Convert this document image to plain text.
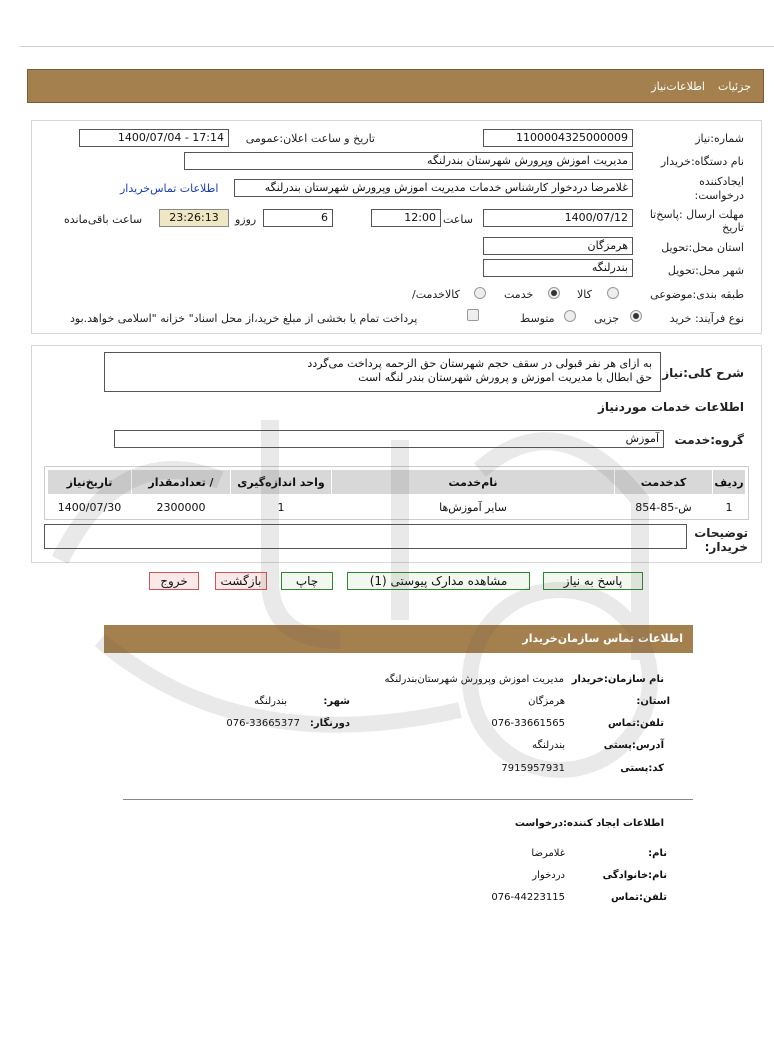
جزئیات
اطلاعات‌نیاز
شماره:نیاز
1100004325000009
تاریخ و ساعت اعلان:عمومی
1400/07/04 - 17:14
نام دستگاه:خریدار
مدیریت اموزش وپرورش شهرستان بندرلنگه
ایجادکننده
:درخواست
غلامرضا دردخوار کارشناس خدمات مدیریت اموزش وپرورش شهرستان بندرلنگه
اطلاعات تماس‌خریدار
مهلت ارسال :پاسخ‌تا
تاریخ
1400/07/12
ساعت
12:00
6
روزو
23:26:13
ساعت باقی‌مانده
استان محل:تحویل
هرمزگان
شهر محل:تحویل
بندرلنگه
طبقه بندی:موضوعی
کالا
خدمت
/کالاخدمت
نوع فرآیند: خرید
جزیی
متوسط
پرداخت تمام یا بخشی از مبلغ خرید،از محل اسناد" خزانه "اسلامی خواهد.بود
شرح کلی:نیاز
به ازای هر نفر قبولی در سقف حجم شهرستان حق الزحمه پرداخت می‌گردد
حق ابطال با مدیریت اموزش و پرورش شهرستان بندر لنگه است
اطلاعات خدمات موردنیاز
گروه:خدمت
آموزش
ردیف	کدخدمت	نام‌خدمت	واحد اندازه‌گیری	/ تعدادمقدار	تاریخ‌نیاز
1	ش-85-854	سایر آموزش‌ها	1	2300000	1400/07/30
توضیحات
:خریدار
پاسخ به نیاز
مشاهده مدارک پیوستی (1)
چاپ
بازگشت
خروج
اطلاعات تماس سازمان‌خریدار
نام سازمان:خریدار
مدیریت اموزش وپرورش شهرستان‌بندرلنگه
:استان
هرمزگان
:شهر
بندرلنگه
تلفن:تماس
076-33661565
:دورنگار
076-33665377
آدرس:پستی
بندرلنگه
کد:پستی
7915957931
اطلاعات ایجاد کننده:درخواست
:نام
غلامرضا
نام:خانوادگی
دردخوار
تلفن:تماس
076-44223115
